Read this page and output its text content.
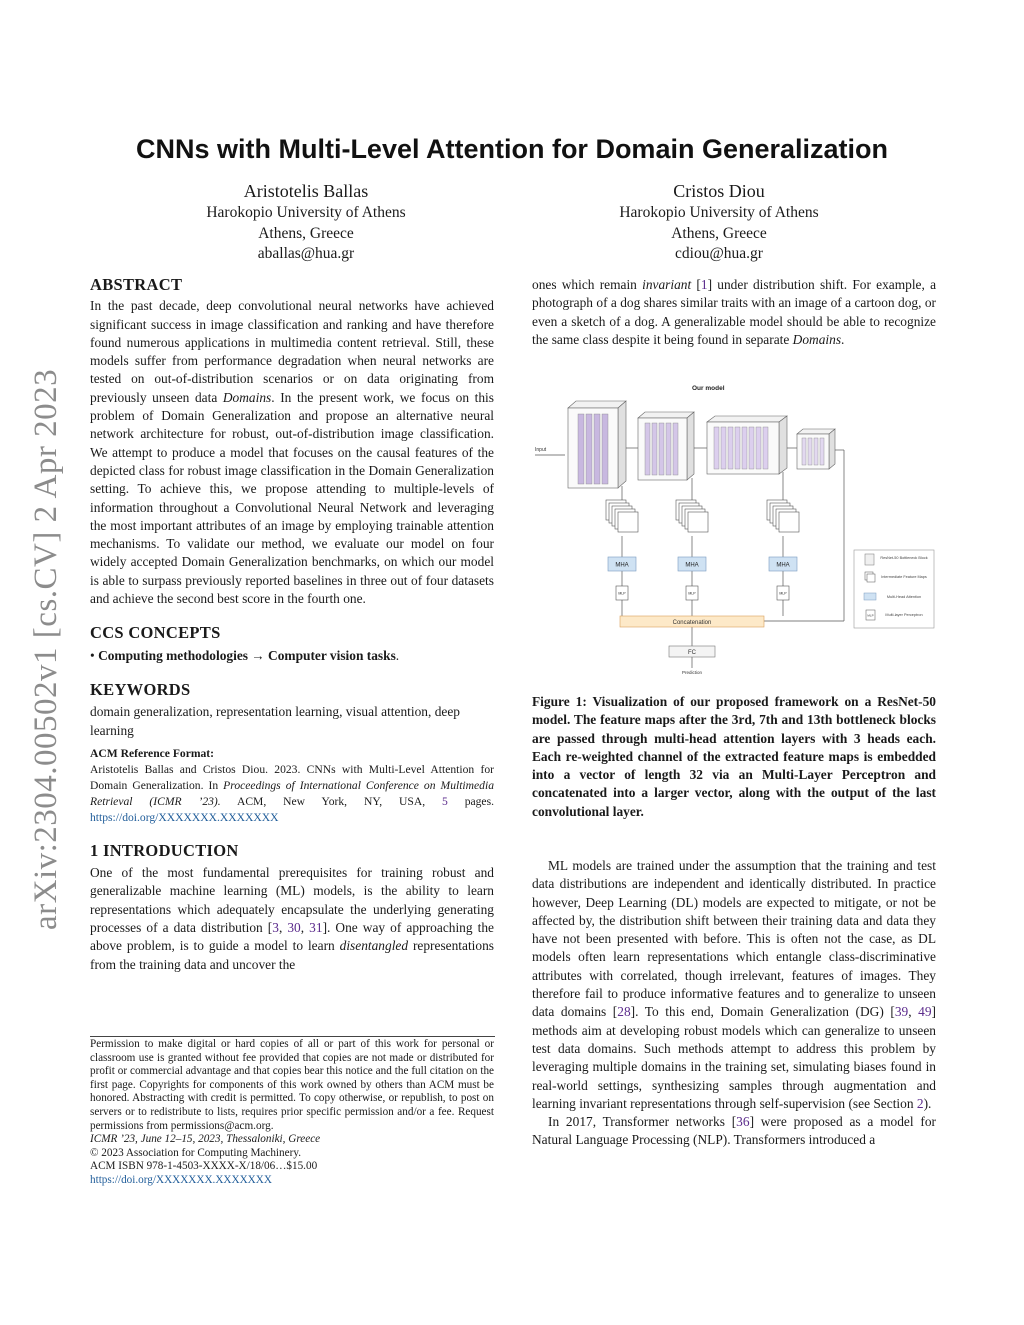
arXiv:2304.00502v1 [cs.CV] 2 Apr 2023
CNNs with Multi-Level Attention for Domain Generalization
Aristotelis Ballas
Harokopio University of Athens
Athens, Greece
aballas@hua.gr
Cristos Diou
Harokopio University of Athens
Athens, Greece
cdiou@hua.gr
ABSTRACT

In the past decade, deep convolutional neural networks have achieved significant success in image classification and ranking and have therefore found numerous applications in multimedia content retrieval. Still, these models suffer from performance degradation when neural networks are tested on out-of-distribution scenarios or on data originating from previously unseen data Domains. In the present work, we focus on this problem of Domain Generalization and propose an alternative neural network architecture for robust, out-of-distribution image classification. We attempt to produce a model that focuses on the causal features of the depicted class for robust image classification in the Domain Generalization setting. To achieve this, we propose attending to multiple-levels of information throughout a Convolutional Neural Network and leveraging the most important attributes of an image by employing trainable attention mechanisms. To validate our method, we evaluate our model on four widely accepted Domain Generalization benchmarks, on which our model is able to surpass previously reported baselines in three out of four datasets and achieve the second best score in the fourth one.

CCS CONCEPTS

• Computing methodologies → Computer vision tasks.

KEYWORDS

domain generalization, representation learning, visual attention, deep learning

ACM Reference Format:

Aristotelis Ballas and Cristos Diou. 2023. CNNs with Multi-Level Attention for Domain Generalization. In Proceedings of International Conference on Multimedia Retrieval (ICMR ’23). ACM, New York, NY, USA, 5 pages. https://doi.org/XXXXXXX.XXXXXXX

1 INTRODUCTION

One of the most fundamental prerequisites for training robust and generalizable machine learning (ML) models, is the ability to learn representations which adequately encapsulate the underlying generating processes of a data distribution [3, 30, 31]. One way of approaching the above problem, is to guide a model to learn disentangled representations from the training data and uncover the

Permission to make digital or hard copies of all or part of this work for personal or classroom use is granted without fee provided that copies are not made or distributed for profit or commercial advantage and that copies bear this notice and the full citation on the first page. Copyrights for components of this work owned by others than ACM must be honored. Abstracting with credit is permitted. To copy otherwise, or republish, to post on servers or to redistribute to lists, requires prior specific permission and/or a fee. Request permissions from permissions@acm.org.

ICMR ’23, June 12–15, 2023, Thessaloniki, Greece

© 2023 Association for Computing Machinery.

ACM ISBN 978-1-4503-XXXX-X/18/06…$15.00

https://doi.org/XXXXXXX.XXXXXXX

ones which remain invariant [1] under distribution shift. For example, a photograph of a dog shares similar traits with an image of a cartoon dog, or even a sketch of a dog. A generalizable model should be able to recognize the same class despite it being found in separate Domains.

Our model
Input
MHA	MHA	MHA
MLP	MLP	MLP
Concatenation
FC
Prediction
ResNet-50 Bottleneck Block
Intermediate Feature Maps
Multi-Head Attention
MLP	Multi-layer Perceptron
Figure 1: Visualization of our proposed framework on a ResNet-50 model. The feature maps after the 3rd, 7th and 13th bottleneck blocks are passed through multi-head attention layers with 3 heads each. Each re-weighted channel of the extracted feature maps is embedded into a vector of length 32 via an Multi-Layer Perceptron and concatenated into a larger vector, along with the output of the last convolutional layer.

ML models are trained under the assumption that the training and test data distributions are independent and identically distributed. In practice however, Deep Learning (DL) models are expected to mitigate, or not be affected by, the distribution shift between their training data and data they have not been presented with before. This is often not the case, as DL models often learn representations which entangle class-discriminative attributes with correlated, though irrelevant, features of images. They therefore fail to produce informative features and to generalize to unseen data domains [28]. To this end, Domain Generalization (DG) [39, 49] methods aim at developing robust models which can generalize to unseen test data domains. Such methods attempt to address this problem by leveraging multiple domains in the training set, simulating biases found in real-world settings, synthesizing samples through augmentation and learning invariant representations through self-supervision (see Section 2).

In 2017, Transformer networks [36] were proposed as a model for Natural Language Processing (NLP). Transformers introduced a
